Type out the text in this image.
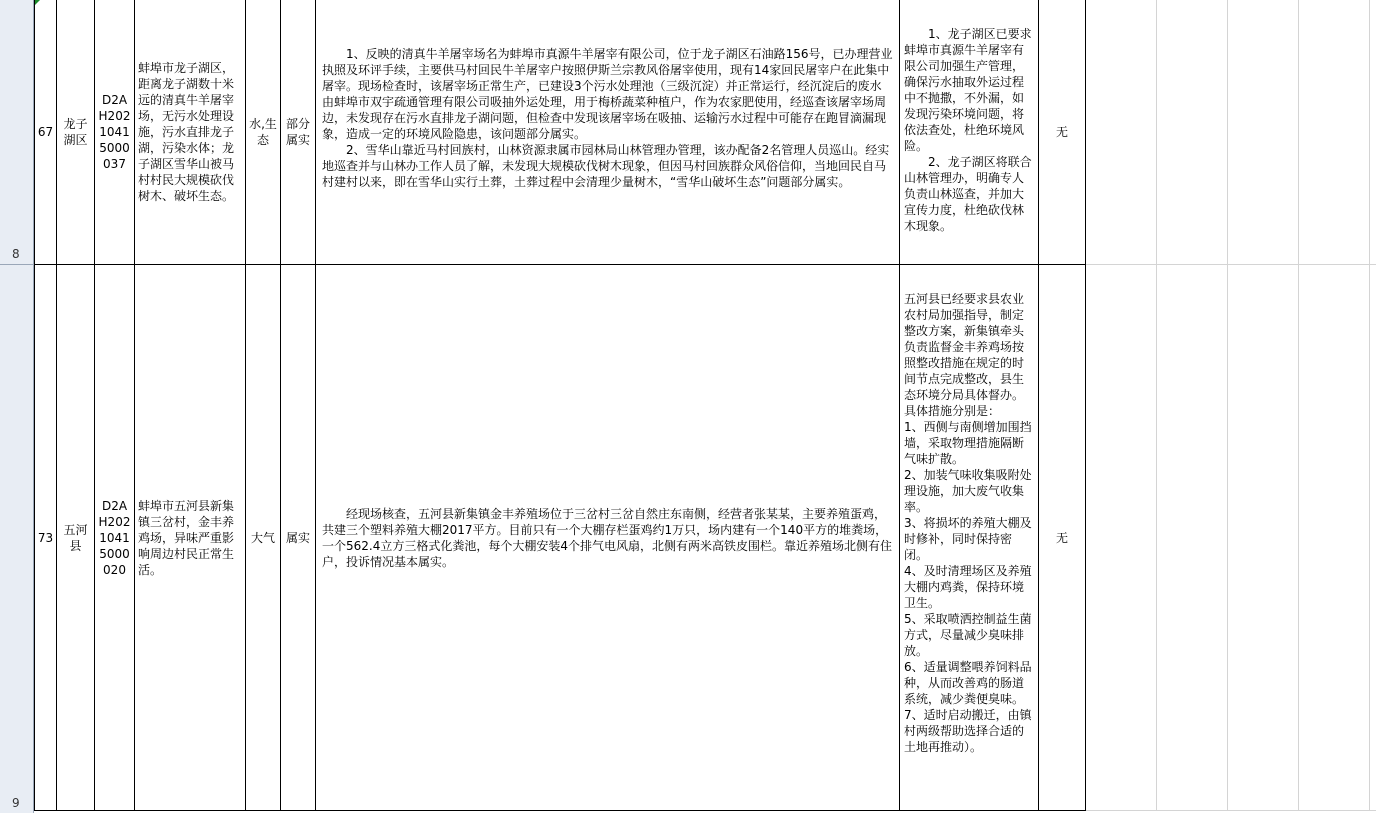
8
9
67
龙子湖区
D2AH20210415000037
蚌埠市龙子湖区，距离龙子湖数十米远的清真牛羊屠宰场，无污水处理设施，污水直排龙子湖，污染水体；龙子湖区雪华山被马村村民大规模砍伐树木、破坏生态。
水,生态
部分属实

1、反映的清真牛羊屠宰场名为蚌埠市真源牛羊屠宰有限公司，位于龙子湖区石油路156号，已办理营业执照及环评手续，主要供马村回民牛羊屠宰户按照伊斯兰宗教风俗屠宰使用，现有14家回民屠宰户在此集中屠宰。现场检查时，该屠宰场正常生产，已建设3个污水处理池（三级沉淀）并正常运行，经沉淀后的废水由蚌埠市双宇疏通管理有限公司吸抽外运处理，用于梅桥蔬菜种植户，作为农家肥使用，经巡查该屠宰场周边，未发现存在污水直排龙子湖问题，但检查中发现该屠宰场在吸抽、运输污水过程中可能存在跑冒滴漏现象，造成一定的环境风险隐患，该问题部分属实。

2、雪华山靠近马村回族村，山林资源隶属市园林局山林管理办管理，该办配备2名管理人员巡山。经实地巡查并与山林办工作人员了解，未发现大规模砍伐树木现象，但因马村回族群众风俗信仰，当地回民自马村建村以来，即在雪华山实行土葬，土葬过程中会清理少量树木，“雪华山破坏生态”问题部分属实。

1、龙子湖区已要求蚌埠市真源牛羊屠宰有限公司加强生产管理，确保污水抽取外运过程中不抛撒，不外漏，如发现污染环境问题，将依法查处，杜绝环境风险。

2、龙子湖区将联合山林管理办，明确专人负责山林巡查，并加大宣传力度，杜绝砍伐林木现象。

无
73
五河县
D2AH20210415000020
蚌埠市五河县新集镇三岔村，金丰养鸡场，异味严重影响周边村民正常生活。
大气 属实

经现场核查，五河县新集镇金丰养殖场位于三岔村三岔自然庄东南侧，经营者张某某，主要养殖蛋鸡，共建三个塑料养殖大棚2017平方。目前只有一个大棚存栏蛋鸡约1万只，场内建有一个140平方的堆粪场，一个562.4立方三格式化粪池，每个大棚安装4个排气电风扇，北侧有两米高铁皮围栏。靠近养殖场北侧有住户，投诉情况基本属实。

五河县已经要求县农业农村局加强指导，制定整改方案，新集镇牵头负责监督金丰养鸡场按照整改措施在规定的时间节点完成整改，县生态环境分局具体督办。具体措施分别是：

1、西侧与南侧增加围挡墙，采取物理措施隔断气味扩散。

2、加装气味收集吸附处理设施，加大废气收集率。

3、将损坏的养殖大棚及时修补，同时保持密闭。

4、及时清理场区及养殖大棚内鸡粪，保持环境卫生。

5、采取喷洒控制益生菌方式，尽量减少臭味排放。

6、适量调整喂养饲料品种，从而改善鸡的肠道系统，减少粪便臭味。

7、适时启动搬迁，由镇村两级帮助选择合适的土地再推动）。

无
